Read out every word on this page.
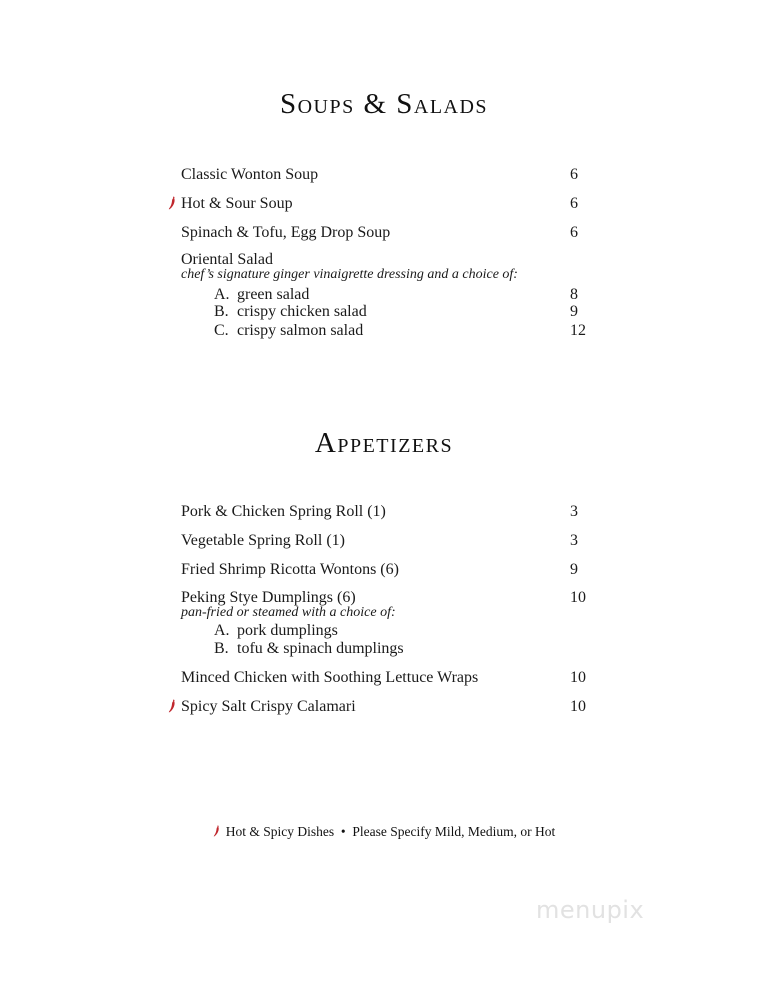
Soups & Salads
Classic Wonton Soup	6
Hot & Sour Soup	6
Spinach & Tofu, Egg Drop Soup	6
Oriental Salad
chef’s signature ginger vinaigrette dressing and a choice of:
A. green salad	8
B. crispy chicken salad	9
C. crispy salmon salad	12
Appetizers
Pork & Chicken Spring Roll (1)	3
Vegetable Spring Roll (1)	3
Fried Shrimp Ricotta Wontons (6)	9
Peking Stye Dumplings (6)	10
pan-fried or steamed with a choice of:
A. pork dumplings
B. tofu & spinach dumplings
Minced Chicken with Soothing Lettuce Wraps	10
Spicy Salt Crispy Calamari	10
Hot & Spicy Dishes  •  Please Specify Mild, Medium, or Hot
menupix
